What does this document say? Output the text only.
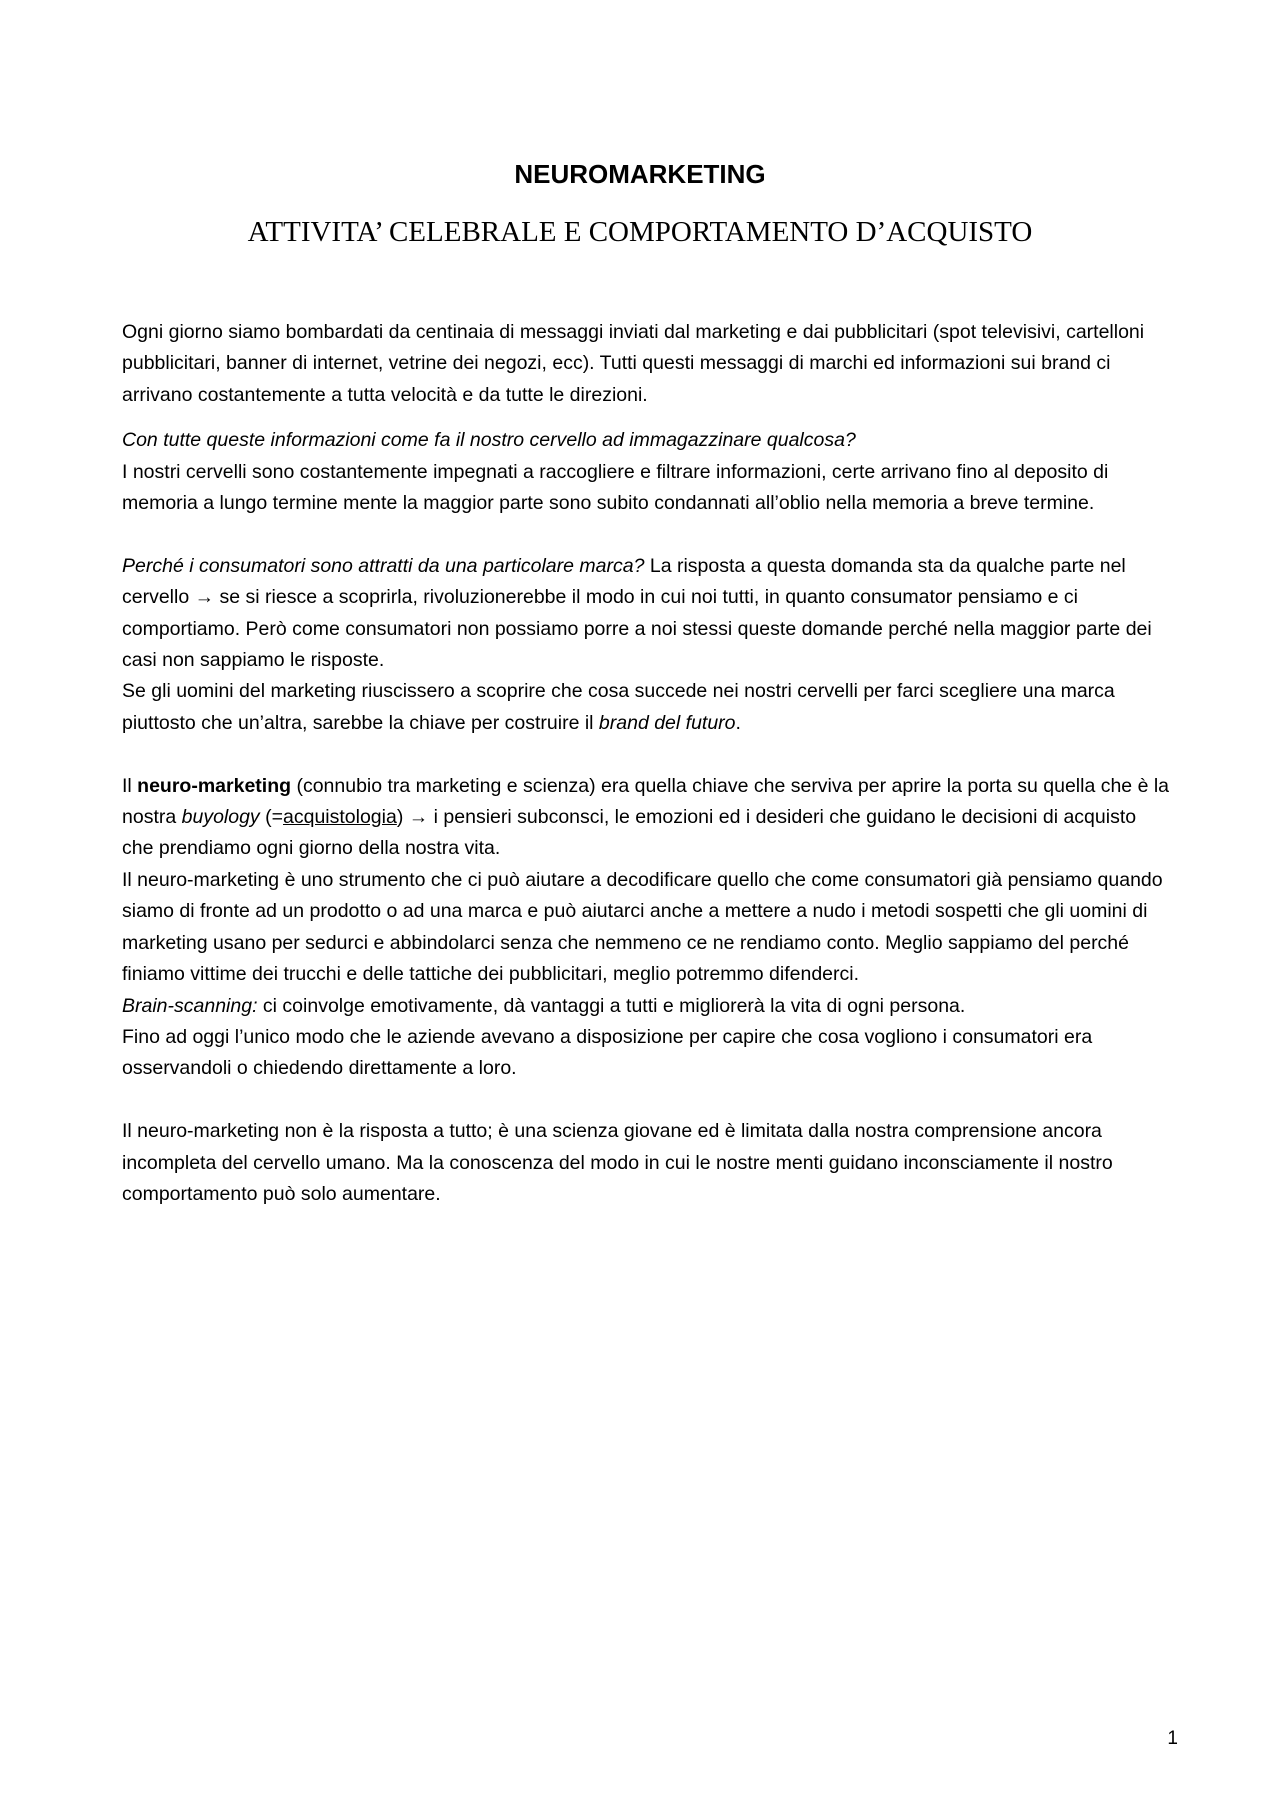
NEUROMARKETING
ATTIVITA’ CELEBRALE E COMPORTAMENTO D’ACQUISTO

Ogni giorno siamo bombardati da centinaia di messaggi inviati dal marketing e dai pubblicitari (spot televisivi, cartelloni pubblicitari, banner di internet, vetrine dei negozi, ecc). Tutti questi messaggi di marchi ed informazioni sui brand ci arrivano costantemente a tutta velocità e da tutte le direzioni.

Con tutte queste informazioni come fa il nostro cervello ad immagazzinare qualcosa?
I nostri cervelli sono costantemente impegnati a raccogliere e filtrare informazioni, certe arrivano fino al deposito di memoria a lungo termine mente la maggior parte sono subito condannati all’oblio nella memoria a breve termine.

Perché i consumatori sono attratti da una particolare marca? La risposta a questa domanda sta da qualche parte nel cervello → se si riesce a scoprirla, rivoluzionerebbe il modo in cui noi tutti, in quanto consumator pensiamo e ci comportiamo. Però come consumatori non possiamo porre a noi stessi queste domande perché nella maggior parte dei casi non sappiamo le risposte.
Se gli uomini del marketing riuscissero a scoprire che cosa succede nei nostri cervelli per farci scegliere una marca piuttosto che un’altra, sarebbe la chiave per costruire il brand del futuro.

Il neuro-marketing (connubio tra marketing e scienza) era quella chiave che serviva per aprire la porta su quella che è la nostra buyology (=acquistologia) → i pensieri subconsci, le emozioni ed i desideri che guidano le decisioni di acquisto che prendiamo ogni giorno della nostra vita.
Il neuro-marketing è uno strumento che ci può aiutare a decodificare quello che come consumatori già pensiamo quando siamo di fronte ad un prodotto o ad una marca e può aiutarci anche a mettere a nudo i metodi sospetti che gli uomini di marketing usano per sedurci e abbindolarci senza che nemmeno ce ne rendiamo conto. Meglio sappiamo del perché finiamo vittime dei trucchi e delle tattiche dei pubblicitari, meglio potremmo difenderci.
Brain-scanning: ci coinvolge emotivamente, dà vantaggi a tutti e migliorerà la vita di ogni persona.
Fino ad oggi l’unico modo che le aziende avevano a disposizione per capire che cosa vogliono i consumatori era osservandoli o chiedendo direttamente a loro.

Il neuro-marketing non è la risposta a tutto; è una scienza giovane ed è limitata dalla nostra comprensione ancora incompleta del cervello umano. Ma la conoscenza del modo in cui le nostre menti guidano inconsciamente il nostro comportamento può solo aumentare.

1
